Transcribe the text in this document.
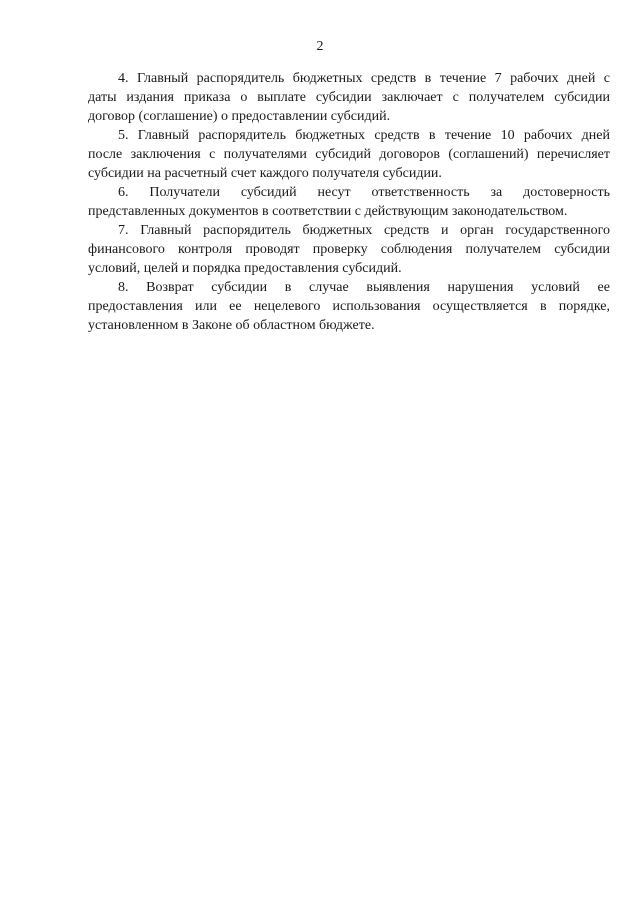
2

4. Главный распорядитель бюджетных средств в течение 7 рабочих дней с
даты издания приказа о выплате субсидии заключает с получателем субсидии
договор (соглашение) о предоставлении субсидий.

5. Главный распорядитель бюджетных средств в течение 10 рабочих дней
после заключения с получателями субсидий договоров (соглашений) перечисляет
субсидии на расчетный счет каждого получателя субсидии.

6. Получатели субсидий несут ответственность за достоверность
представленных документов в соответствии с действующим законодательством.

7. Главный распорядитель бюджетных средств и орган государственного
финансового контроля проводят проверку соблюдения получателем субсидии
условий, целей и порядка предоставления субсидий.

8. Возврат субсидии в случае выявления нарушения условий ее
предоставления или ее нецелевого использования осуществляется в порядке,
установленном в Законе об областном бюджете.
